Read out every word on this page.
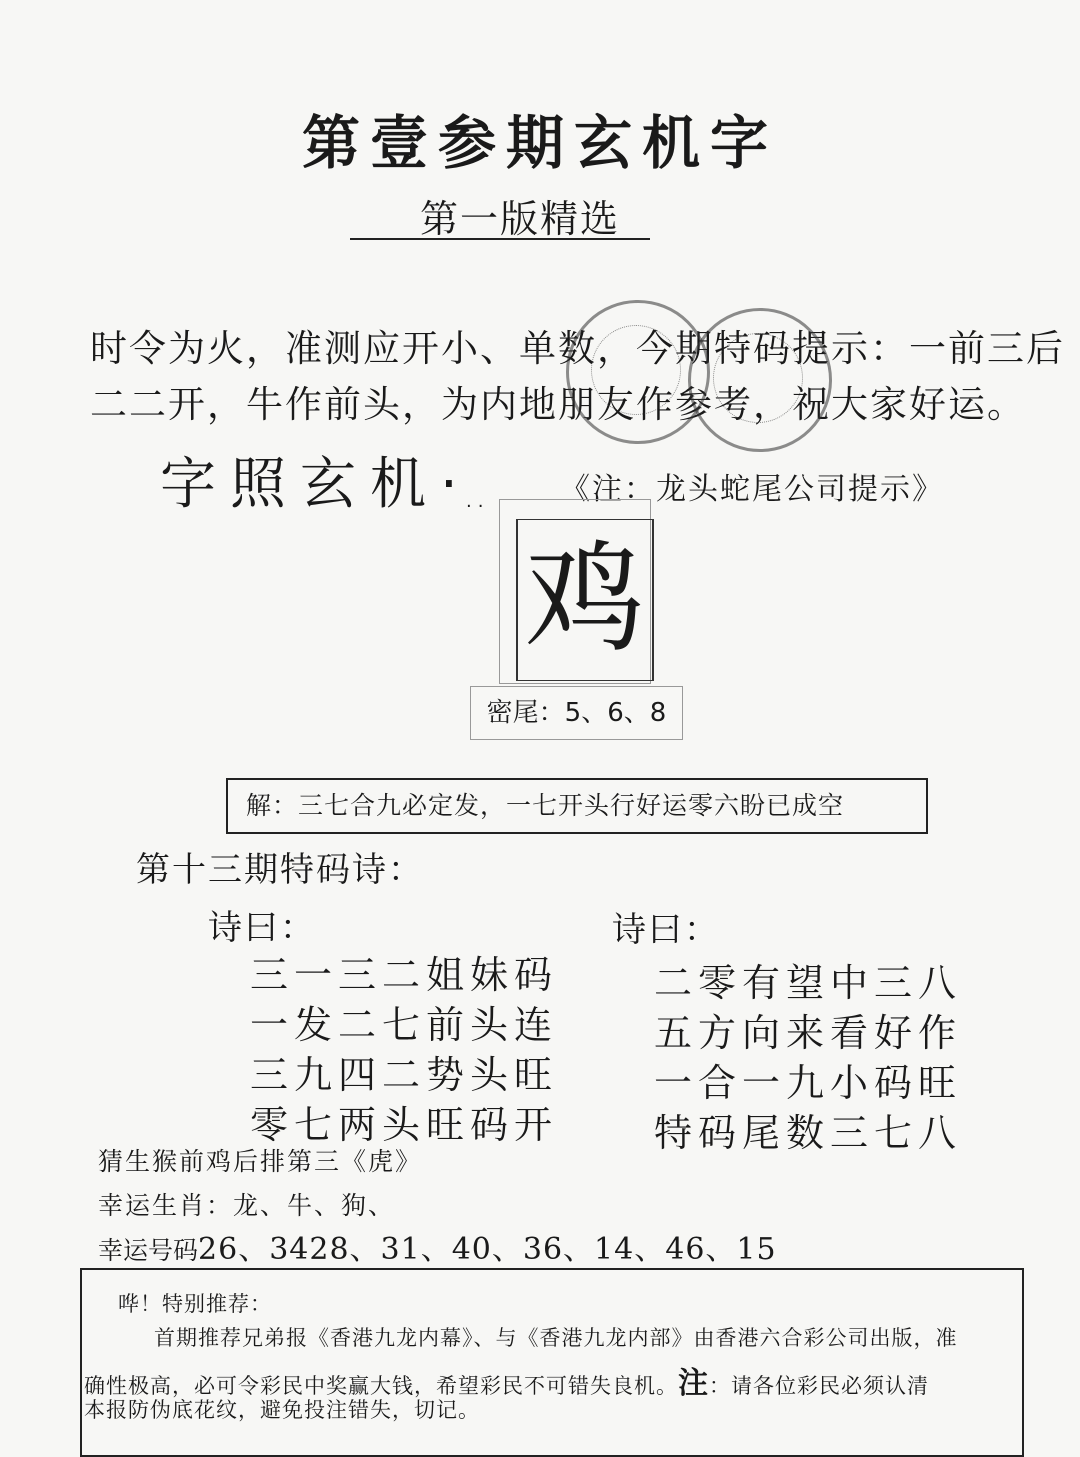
第壹参期玄机字
第一版精选
时令为火，准测应开小、单数，今期特码提示：一前三后
二二开，牛作前头，为内地朋友作参考，祝大家好运。
字照玄机·	《注：龙头蛇尾公司提示》
··
鸡
密尾：5、6、8
解：三七合九必定发，一七开头行好运零六盼已成空
第十三期特码诗：
诗曰：
三一三二姐妹码
一发二七前头连
三九四二势头旺
零七两头旺码开
诗曰：
二零有望中三八
五方向来看好作
一合一九小码旺
特码尾数三七八
猜生猴前鸡后排第三《虎》
幸运生肖：龙、牛、狗、
幸运号码26、3428、31、40、36、14、46、15
哗！特别推荐：
首期推荐兄弟报《香港九龙内幕》、与《香港九龙内部》由香港六合彩公司出版，准
确性极高，必可令彩民中奖赢大钱，希望彩民不可错失良机。注：请各位彩民必须认清
本报防伪底花纹，避免投注错失，切记。
